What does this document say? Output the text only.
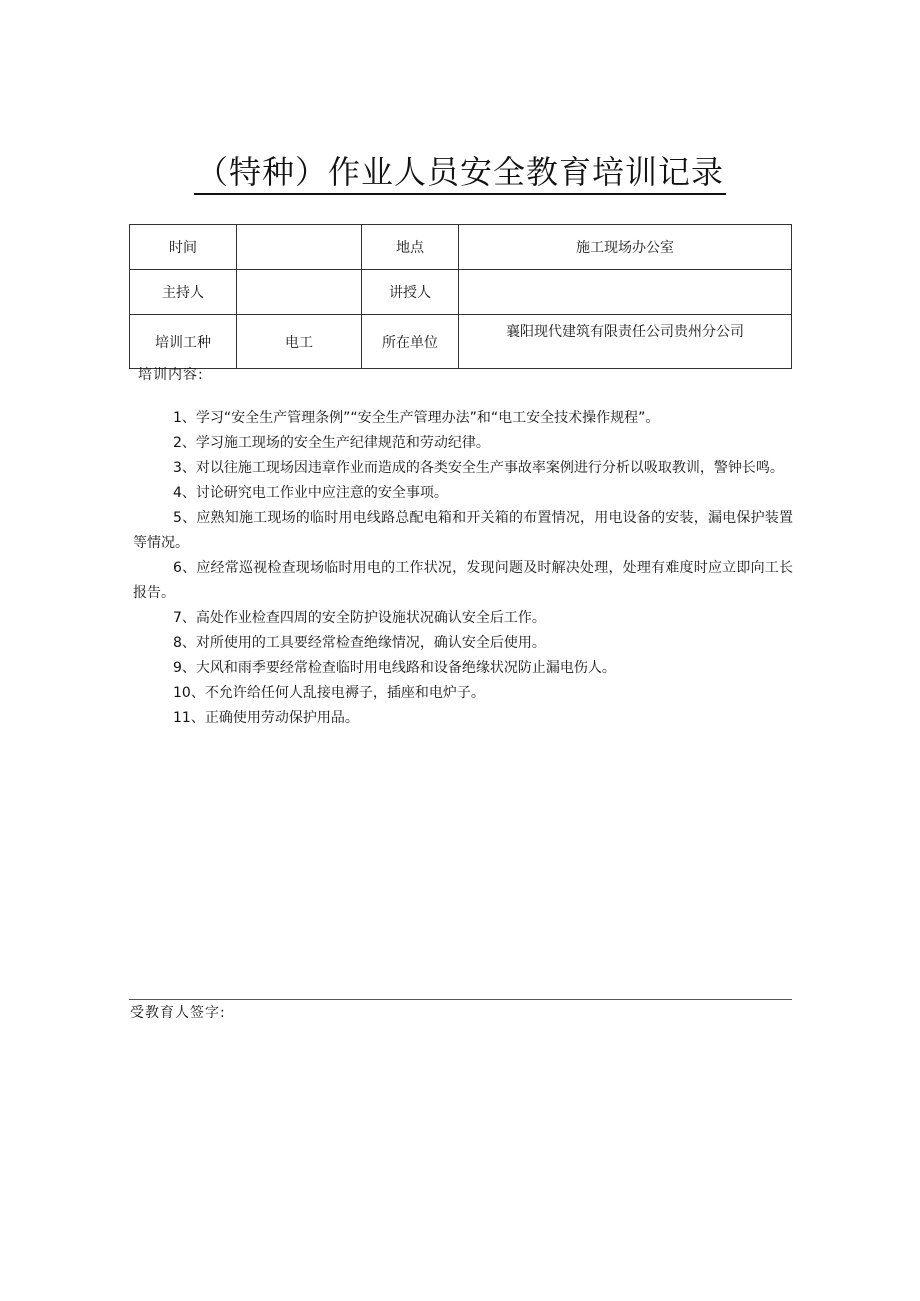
（特种）作业人员安全教育培训记录
时间		地点	施工现场办公室
主持人		讲授人	
培训工种	电工	所在单位	襄阳现代建筑有限责任公司贵州分公司
培训内容:

1、学习“安全生产管理条例”“安全生产管理办法”和“电工安全技术操作规程”。

2、学习施工现场的安全生产纪律规范和劳动纪律。

3、对以往施工现场因违章作业而造成的各类安全生产事故率案例进行分析以吸取教训，警钟长鸣。

4、讨论研究电工作业中应注意的安全事项。

5、应熟知施工现场的临时用电线路总配电箱和开关箱的布置情况，用电设备的安装，漏电保护装置等情况。

6、应经常巡视检查现场临时用电的工作状况，发现问题及时解决处理，处理有难度时应立即向工长报告。

7、高处作业检查四周的安全防护设施状况确认安全后工作。

8、对所使用的工具要经常检查绝缘情况，确认安全后使用。

9、大风和雨季要经常检查临时用电线路和设备绝缘状况防止漏电伤人。

10、不允许给任何人乱接电褥子，插座和电炉子。

11、正确使用劳动保护用品。

受教育人签字:
